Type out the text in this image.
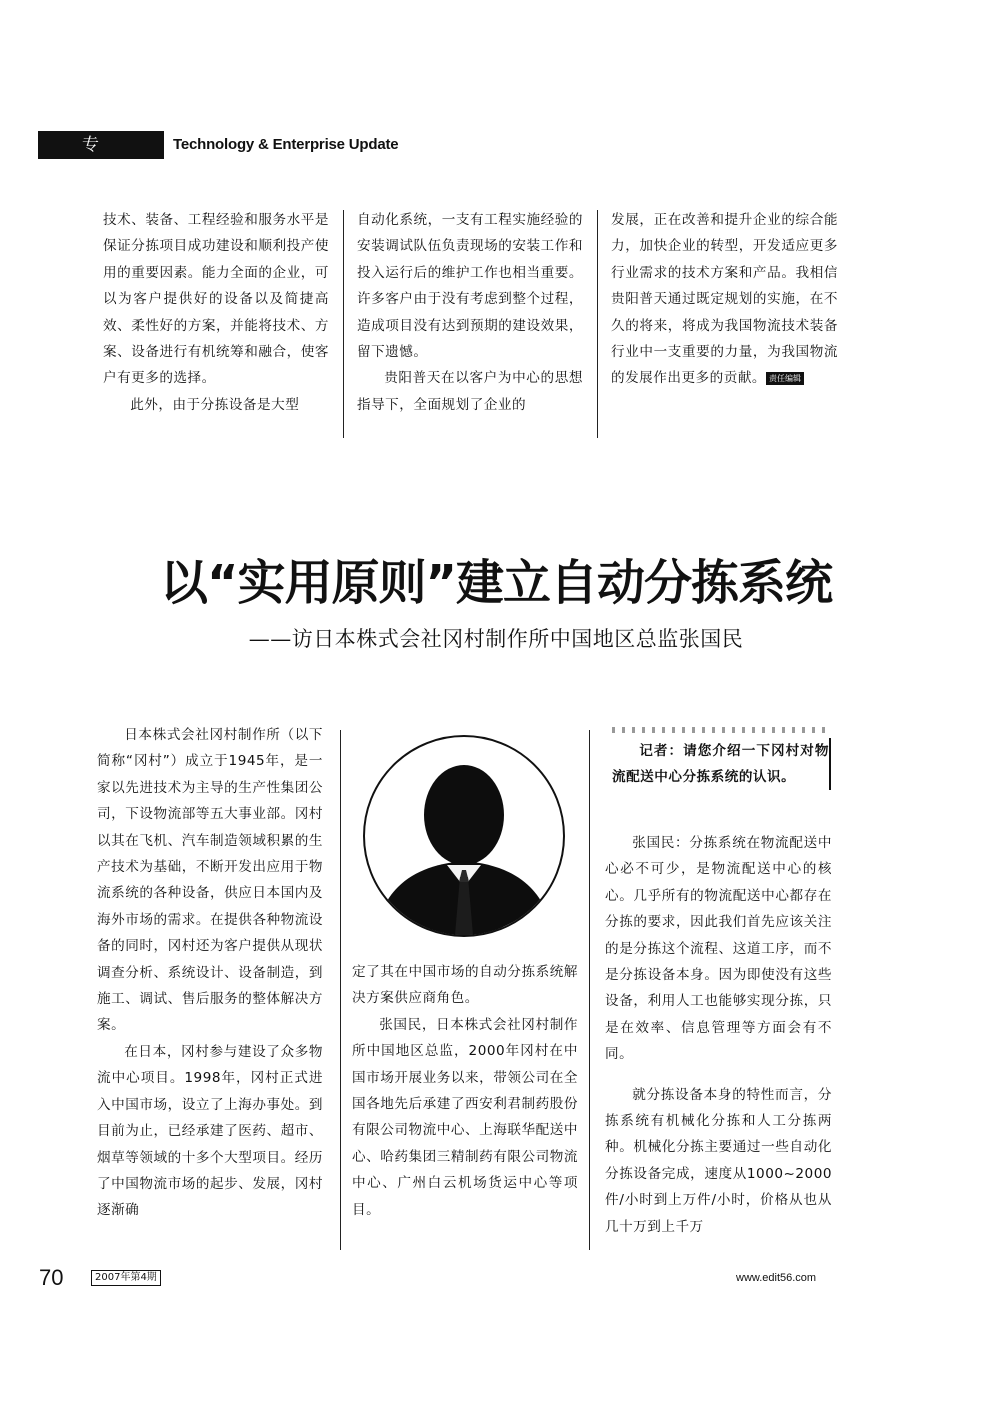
专题
Technology & Enterprise Update

技术、装备、工程经验和服务水平是保证分拣项目成功建设和顺利投产使用的重要因素。能力全面的企业，可以为客户提供好的设备以及简捷高效、柔性好的方案，并能将技术、方案、设备进行有机统筹和融合，使客户有更多的选择。

此外，由于分拣设备是大型

自动化系统，一支有工程实施经验的安装调试队伍负责现场的安装工作和投入运行后的维护工作也相当重要。许多客户由于没有考虑到整个过程，造成项目没有达到预期的建设效果，留下遗憾。

贵阳普天在以客户为中心的思想指导下，全面规划了企业的

发展，正在改善和提升企业的综合能力，加快企业的转型，开发适应更多行业需求的技术方案和产品。我相信贵阳普天通过既定规划的实施，在不久的将来，将成为我国物流技术装备行业中一支重要的力量，为我国物流的发展作出更多的贡献。 责任编辑

以“实用原则”建立自动分拣系统
——访日本株式会社冈村制作所中国地区总监张国民

日本株式会社冈村制作所（以下简称“冈村”）成立于1945年，是一家以先进技术为主导的生产性集团公司，下设物流部等五大事业部。冈村以其在飞机、汽车制造领域积累的生产技术为基础，不断开发出应用于物流系统的各种设备，供应日本国内及海外市场的需求。在提供各种物流设备的同时，冈村还为客户提供从现状调查分析、系统设计、设备制造，到施工、调试、售后服务的整体解决方案。

在日本，冈村参与建设了众多物流中心项目。1998年，冈村正式进入中国市场，设立了上海办事处。到目前为止，已经承建了医药、超市、烟草等领域的十多个大型项目。经历了中国物流市场的起步、发展，冈村逐渐确

定了其在中国市场的自动分拣系统解决方案供应商角色。

张国民，日本株式会社冈村制作所中国地区总监，2000年冈村在中国市场开展业务以来，带领公司在全国各地先后承建了西安利君制药股份有限公司物流中心、上海联华配送中心、哈药集团三精制药有限公司物流中心、广州白云机场货运中心等项目。

记者：请您介绍一下冈村对物流配送中心分拣系统的认识。

张国民：分拣系统在物流配送中心必不可少，是物流配送中心的核心。几乎所有的物流配送中心都存在分拣的要求，因此我们首先应该关注的是分拣这个流程、这道工序，而不是分拣设备本身。因为即使没有这些设备，利用人工也能够实现分拣，只是在效率、信息管理等方面会有不同。

就分拣设备本身的特性而言，分拣系统有机械化分拣和人工分拣两种。机械化分拣主要通过一些自动化分拣设备完成，速度从1000~2000件/小时到上万件/小时，价格从也从几十万到上千万

70	2007年第4期	www.edit56.com
